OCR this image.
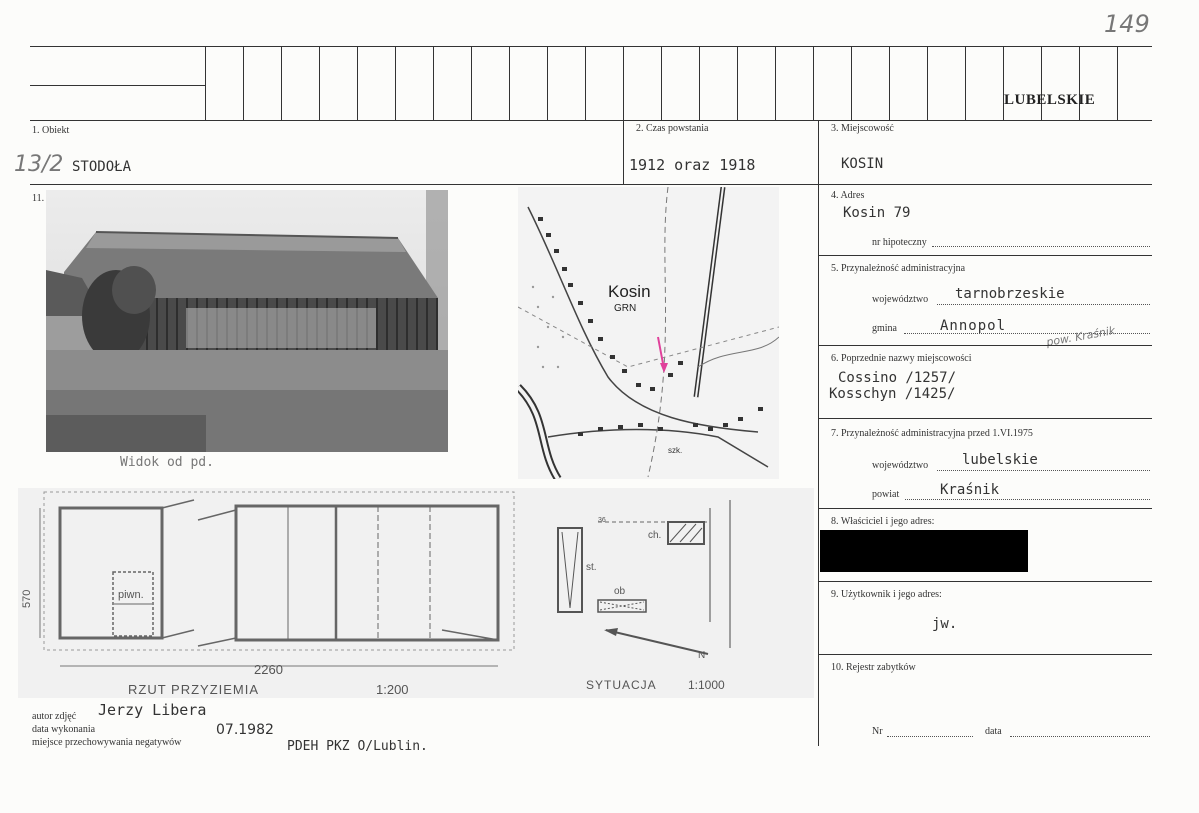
149
LUBELSKIE
1. Obiekt
13/2 STODOŁA
2. Czas powstania
1912 oraz 1918
3. Miejscowość
KOSIN
11.	4. Adres
Kosin 79
nr hipoteczny
5. Przynależność administracyjna
województwo tarnobrzeskie
gmina	Annopol	pow. Kraśnik
6. Poprzednie nazwy miejscowości
Cossino /1257/
Kosschyn /1425/
7. Przynależność administracyjna przed 1.VI.1975
województwo lubelskie
powiat	Kraśnik
8. Właściciel i jego adres:
9. Użytkownik i jego adres:
jw.
10. Rejestr zabytków
Nr	data
Widok od pd.
Kosin
GRN
szk.
570
2260
piwn.
RZUT PRZYZIEMIA	1:200
36
ch.
st.
ob
N
SYTUACJA	1:1000
autor zdjęć Jerzy Libera
data wykonania	07.1982
miejsce przechowywania negatywów	PDEH PKZ O/Lublin.
